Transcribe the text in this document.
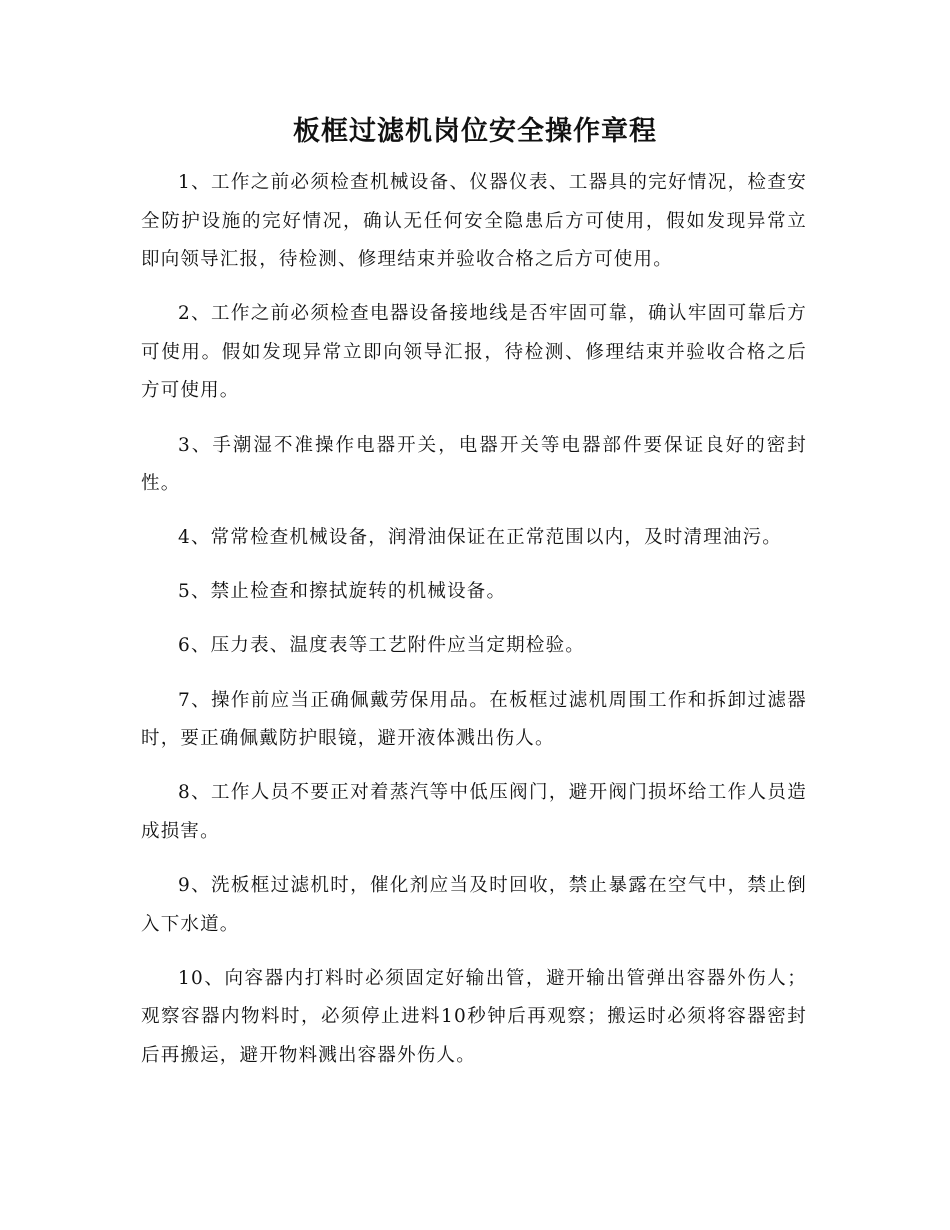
板框过滤机岗位安全操作章程

1、工作之前必须检查机械设备、仪器仪表、工器具的完好情况，检查安全防护设施的完好情况，确认无任何安全隐患后方可使用，假如发现异常立即向领导汇报，待检测、修理结束并验收合格之后方可使用。

2、工作之前必须检查电器设备接地线是否牢固可靠，确认牢固可靠后方可使用。假如发现异常立即向领导汇报，待检测、修理结束并验收合格之后方可使用。

3、手潮湿不准操作电器开关，电器开关等电器部件要保证良好的密封性。

4、常常检查机械设备，润滑油保证在正常范围以内，及时清理油污。

5、禁止检查和擦拭旋转的机械设备。

6、压力表、温度表等工艺附件应当定期检验。

7、操作前应当正确佩戴劳保用品。在板框过滤机周围工作和拆卸过滤器时，要正确佩戴防护眼镜，避开液体溅出伤人。

8、工作人员不要正对着蒸汽等中低压阀门，避开阀门损坏给工作人员造成损害。

9、洗板框过滤机时，催化剂应当及时回收，禁止暴露在空气中，禁止倒入下水道。

10、向容器内打料时必须固定好输出管，避开输出管弹出容器外伤人；观察容器内物料时，必须停止进料10秒钟后再观察；搬运时必须将容器密封后再搬运，避开物料溅出容器外伤人。
